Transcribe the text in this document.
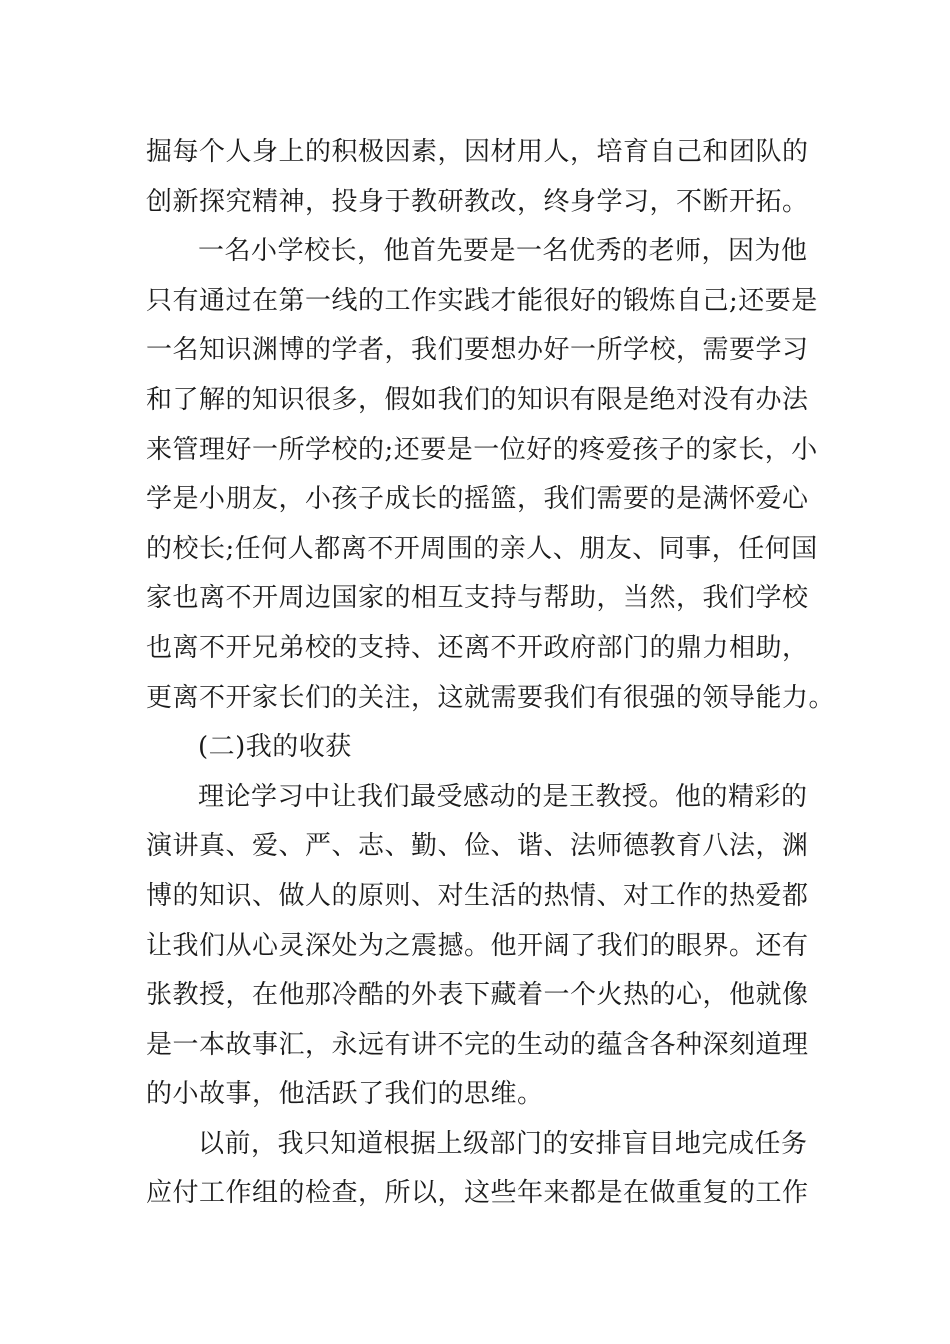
掘每个人身上的积极因素，因材用人，培育自己和团队的
创新探究精神，投身于教研教改，终身学习，不断开拓。
一名小学校长，他首先要是一名优秀的老师，因为他
只有通过在第一线的工作实践才能很好的锻炼自己;还要是
一名知识渊博的学者，我们要想办好一所学校，需要学习
和了解的知识很多，假如我们的知识有限是绝对没有办法
来管理好一所学校的;还要是一位好的疼爱孩子的家长，小
学是小朋友，小孩子成长的摇篮，我们需要的是满怀爱心
的校长;任何人都离不开周围的亲人、朋友、同事，任何国
家也离不开周边国家的相互支持与帮助，当然，我们学校
也离不开兄弟校的支持、还离不开政府部门的鼎力相助，
更离不开家长们的关注，这就需要我们有很强的领导能力。
(二)我的收获
理论学习中让我们最受感动的是王教授。他的精彩的
演讲真、爱、严、志、勤、俭、谐、法师德教育八法，渊
博的知识、做人的原则、对生活的热情、对工作的热爱都
让我们从心灵深处为之震撼。他开阔了我们的眼界。还有
张教授，在他那冷酷的外表下藏着一个火热的心，他就像
是一本故事汇，永远有讲不完的生动的蕴含各种深刻道理
的小故事，他活跃了我们的思维。
以前，我只知道根据上级部门的安排盲目地完成任务
应付工作组的检查，所以，这些年来都是在做重复的工作
